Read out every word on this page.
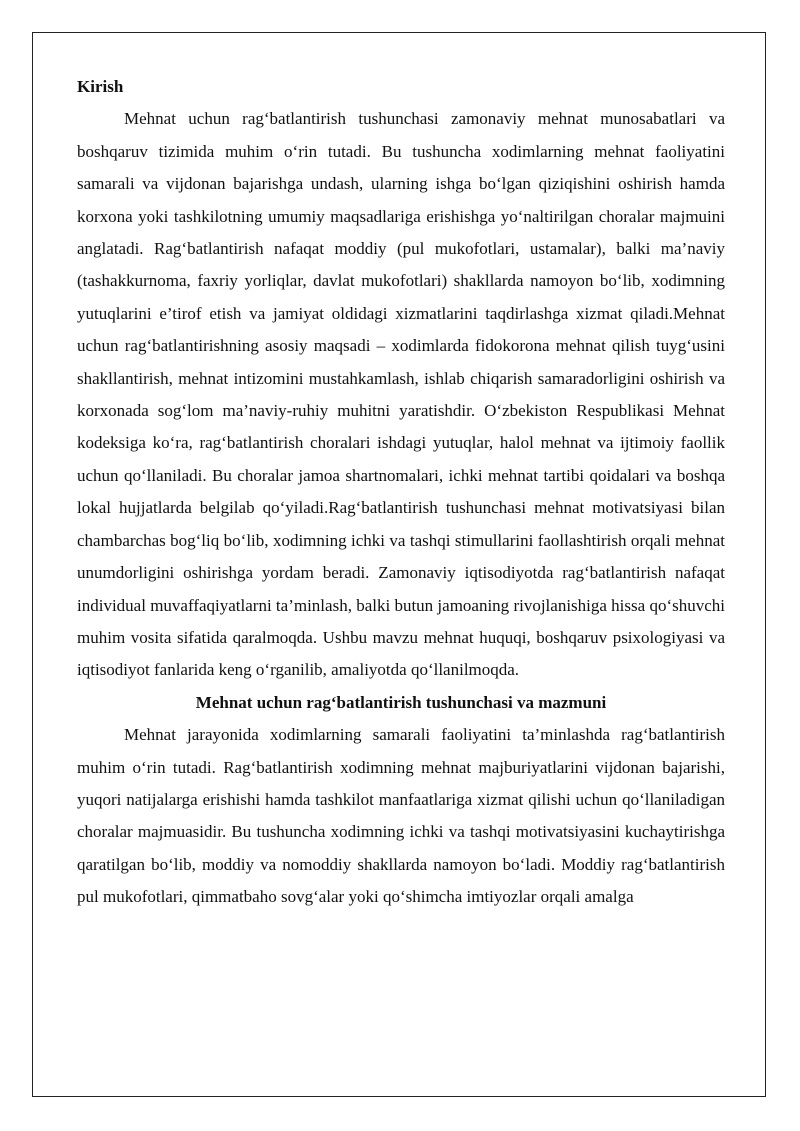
Kirish

Mehnat uchun rag‘batlantirish tushunchasi zamonaviy mehnat munosabatlari va boshqaruv tizimida muhim o‘rin tutadi. Bu tushuncha xodimlarning mehnat faoliyatini samarali va vijdonan bajarishga undash, ularning ishga bo‘lgan qiziqishini oshirish hamda korxona yoki tashkilotning umumiy maqsadlariga erishishga yo‘naltirilgan choralar majmuini anglatadi. Rag‘batlantirish nafaqat moddiy (pul mukofotlari, ustamalar), balki ma’naviy (tashakkurnoma, faxriy yorliqlar, davlat mukofotlari) shakllarda namoyon bo‘lib, xodimning yutuqlarini e’tirof etish va jamiyat oldidagi xizmatlarini taqdirlashga xizmat qiladi.Mehnat uchun rag‘batlantirishning asosiy maqsadi – xodimlarda fidokorona mehnat qilish tuyg‘usini shakllantirish, mehnat intizomini mustahkamlash, ishlab chiqarish samaradorligini oshirish va korxonada sog‘lom ma’naviy-ruhiy muhitni yaratishdir. O‘zbekiston Respublikasi Mehnat kodeksiga ko‘ra, rag‘batlantirish choralari ishdagi yutuqlar, halol mehnat va ijtimoiy faollik uchun qo‘llaniladi. Bu choralar jamoa shartnomalari, ichki mehnat tartibi qoidalari va boshqa lokal hujjatlarda belgilab qo‘yiladi.Rag‘batlantirish tushunchasi mehnat motivatsiyasi bilan chambarchas bog‘liq bo‘lib, xodimning ichki va tashqi stimullarini faollashtirish orqali mehnat unumdorligini oshirishga yordam beradi. Zamonaviy iqtisodiyotda rag‘batlantirish nafaqat individual muvaffaqiyatlarni ta’minlash, balki butun jamoaning rivojlanishiga hissa qo‘shuvchi muhim vosita sifatida qaralmoqda. Ushbu mavzu mehnat huquqi, boshqaruv psixologiyasi va iqtisodiyot fanlarida keng o‘rganilib, amaliyotda qo‘llanilmoqda.

Mehnat uchun rag‘batlantirish tushunchasi va mazmuni

Mehnat jarayonida xodimlarning samarali faoliyatini ta’minlashda rag‘batlantirish muhim o‘rin tutadi. Rag‘batlantirish xodimning mehnat majburiyatlarini vijdonan bajarishi, yuqori natijalarga erishishi hamda tashkilot manfaatlariga xizmat qilishi uchun qo‘llaniladigan choralar majmuasidir. Bu tushuncha xodimning ichki va tashqi motivatsiyasini kuchaytirishga qaratilgan bo‘lib, moddiy va nomoddiy shakllarda namoyon bo‘ladi. Moddiy rag‘batlantirish pul mukofotlari, qimmatbaho sovg‘alar yoki qo‘shimcha imtiyozlar orqali amalga
